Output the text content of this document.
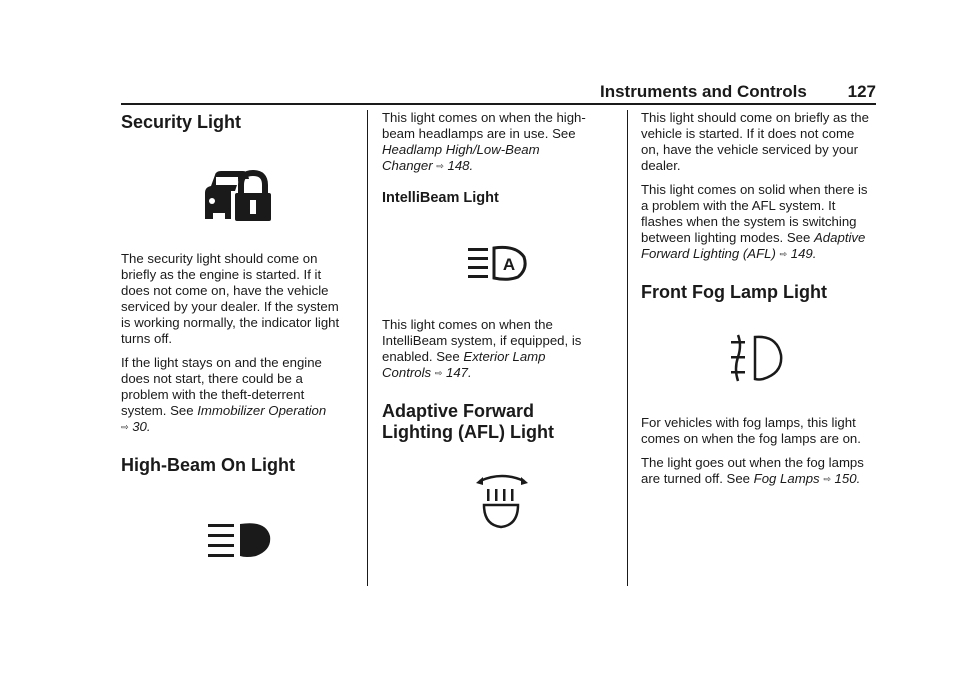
Instruments and Controls 127
Security Light

The security light should come on briefly as the engine is started. If it does not come on, have the vehicle serviced by your dealer. If the system is working normally, the indicator light turns off.

If the light stays on and the engine does not start, there could be a problem with the theft-deterrent system. See Immobilizer Operation
⇨ 30.

High-Beam On Light

This light comes on when the high-beam headlamps are in use. See Headlamp High/Low-Beam Changer ⇨ 148.

IntelliBeam Light
A

This light comes on when the IntelliBeam system, if equipped, is enabled. See Exterior Lamp Controls ⇨ 147.

Adaptive Forward
Lighting (AFL) Light

This light should come on briefly as the vehicle is started. If it does not come on, have the vehicle serviced by your dealer.

This light comes on solid when there is a problem with the AFL system. It flashes when the system is switching between lighting modes. See Adaptive Forward Lighting (AFL) ⇨ 149.

Front Fog Lamp Light

For vehicles with fog lamps, this light comes on when the fog lamps are on.

The light goes out when the fog lamps are turned off. See Fog Lamps ⇨ 150.
